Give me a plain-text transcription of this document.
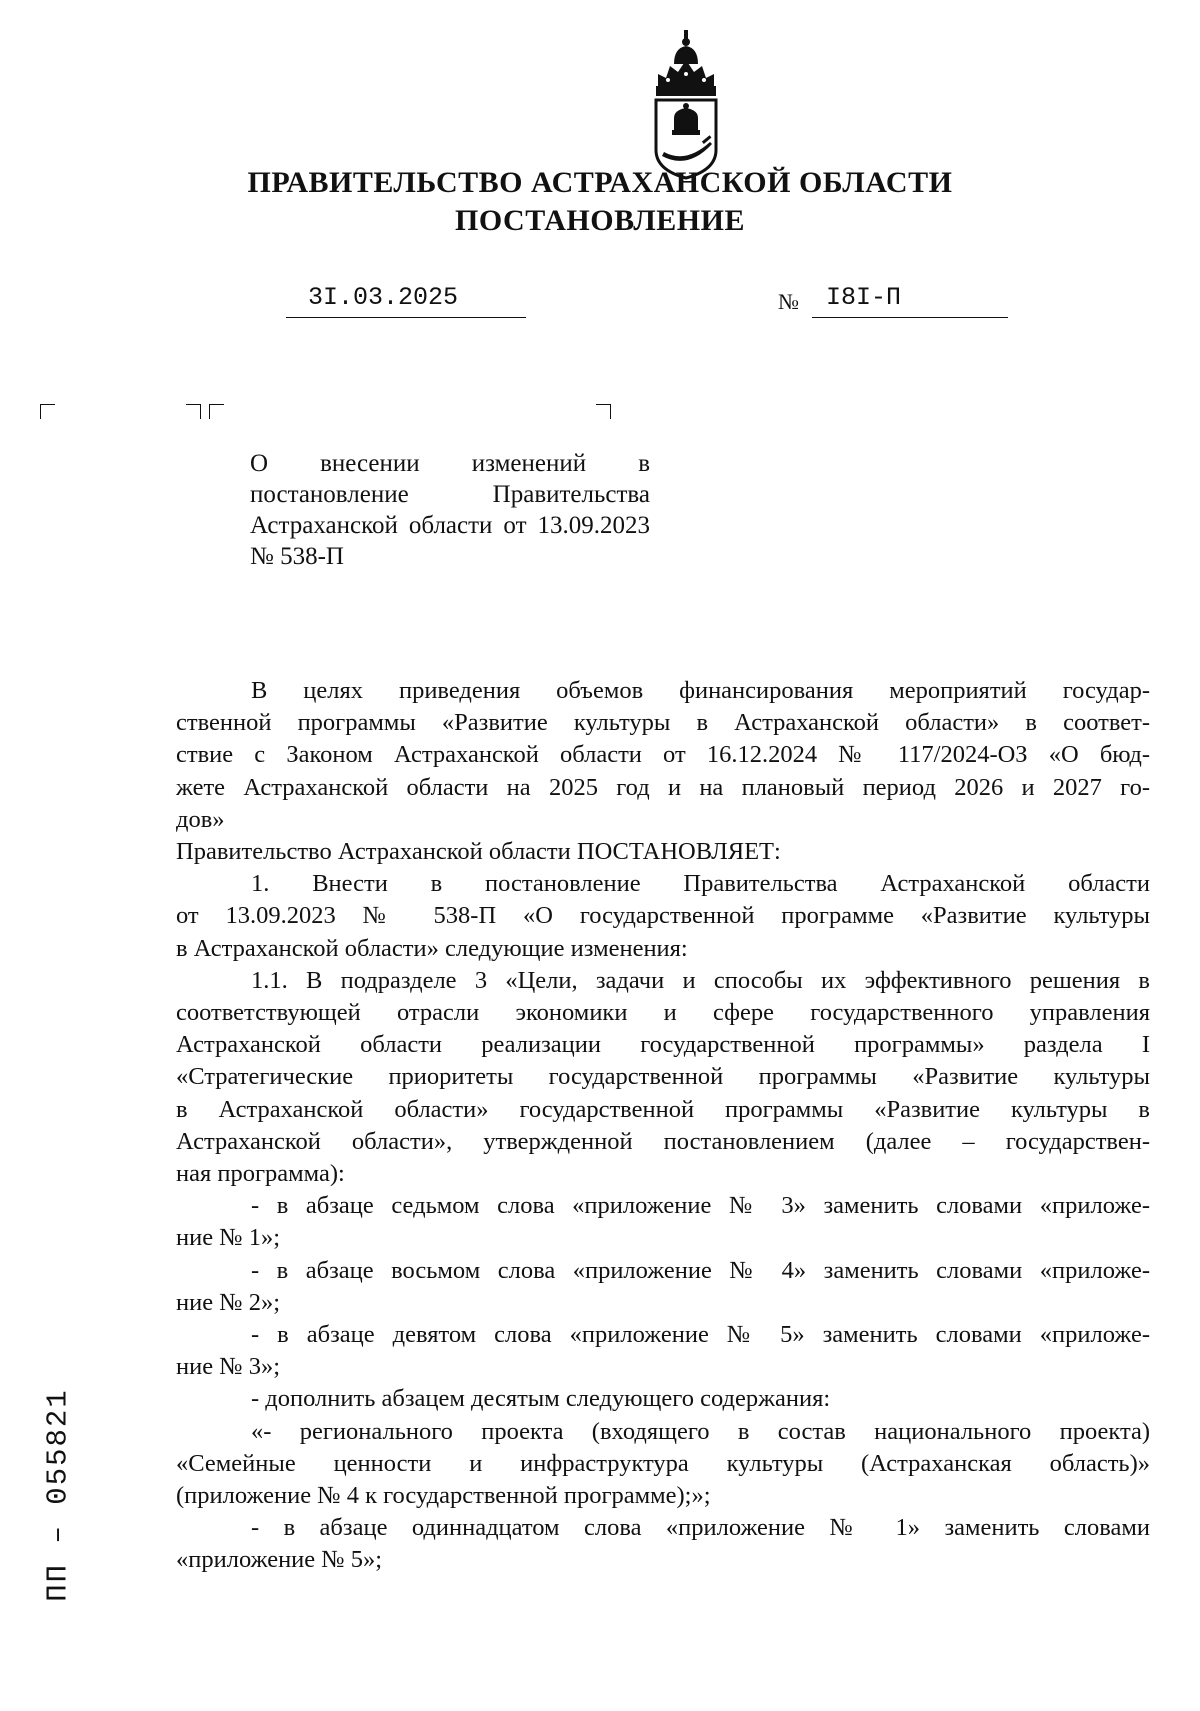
ПРАВИТЕЛЬСТВО АСТРАХАНСКОЙ ОБЛАСТИ
ПОСТАНОВЛЕНИЕ
3I.03.2025	№ I8I-П
О внесении изменений в постановление Правительства Астраханской области от 13.09.2023 № 538-П

В целях приведения объемов финансирования мероприятий государ-

ственной программы «Развитие культуры в Астраханской области» в соответ-

ствие с Законом Астраханской области от 16.12.2024 № 117/2024-ОЗ «О бюд-

жете Астраханской области на 2025 год и на плановый период 2026 и 2027 го-

дов»

Правительство Астраханской области ПОСТАНОВЛЯЕТ:

1. Внести в постановление Правительства Астраханской области

от 13.09.2023 № 538-П «О государственной программе «Развитие культуры

в Астраханской области» следующие изменения:

1.1. В подразделе 3 «Цели, задачи и способы их эффективного решения в

соответствующей отрасли экономики и сфере государственного управления

Астраханской области реализации государственной программы» раздела I

«Стратегические приоритеты государственной программы «Развитие культуры

в Астраханской области» государственной программы «Развитие культуры в

Астраханской области», утвержденной постановлением (далее – государствен-

ная программа):

- в абзаце седьмом слова «приложение № 3» заменить словами «приложе-

ние № 1»;

- в абзаце восьмом слова «приложение № 4» заменить словами «приложе-

ние № 2»;

- в абзаце девятом слова «приложение № 5» заменить словами «приложе-

ние № 3»;

- дополнить абзацем десятым следующего содержания:

«- регионального проекта (входящего в состав национального проекта)

«Семейные ценности и инфраструктура культуры (Астраханская область)»

(приложение № 4 к государственной программе);»;

- в абзаце одиннадцатом слова «приложение № 1» заменить словами

«приложение № 5»;

ПП – 055821
